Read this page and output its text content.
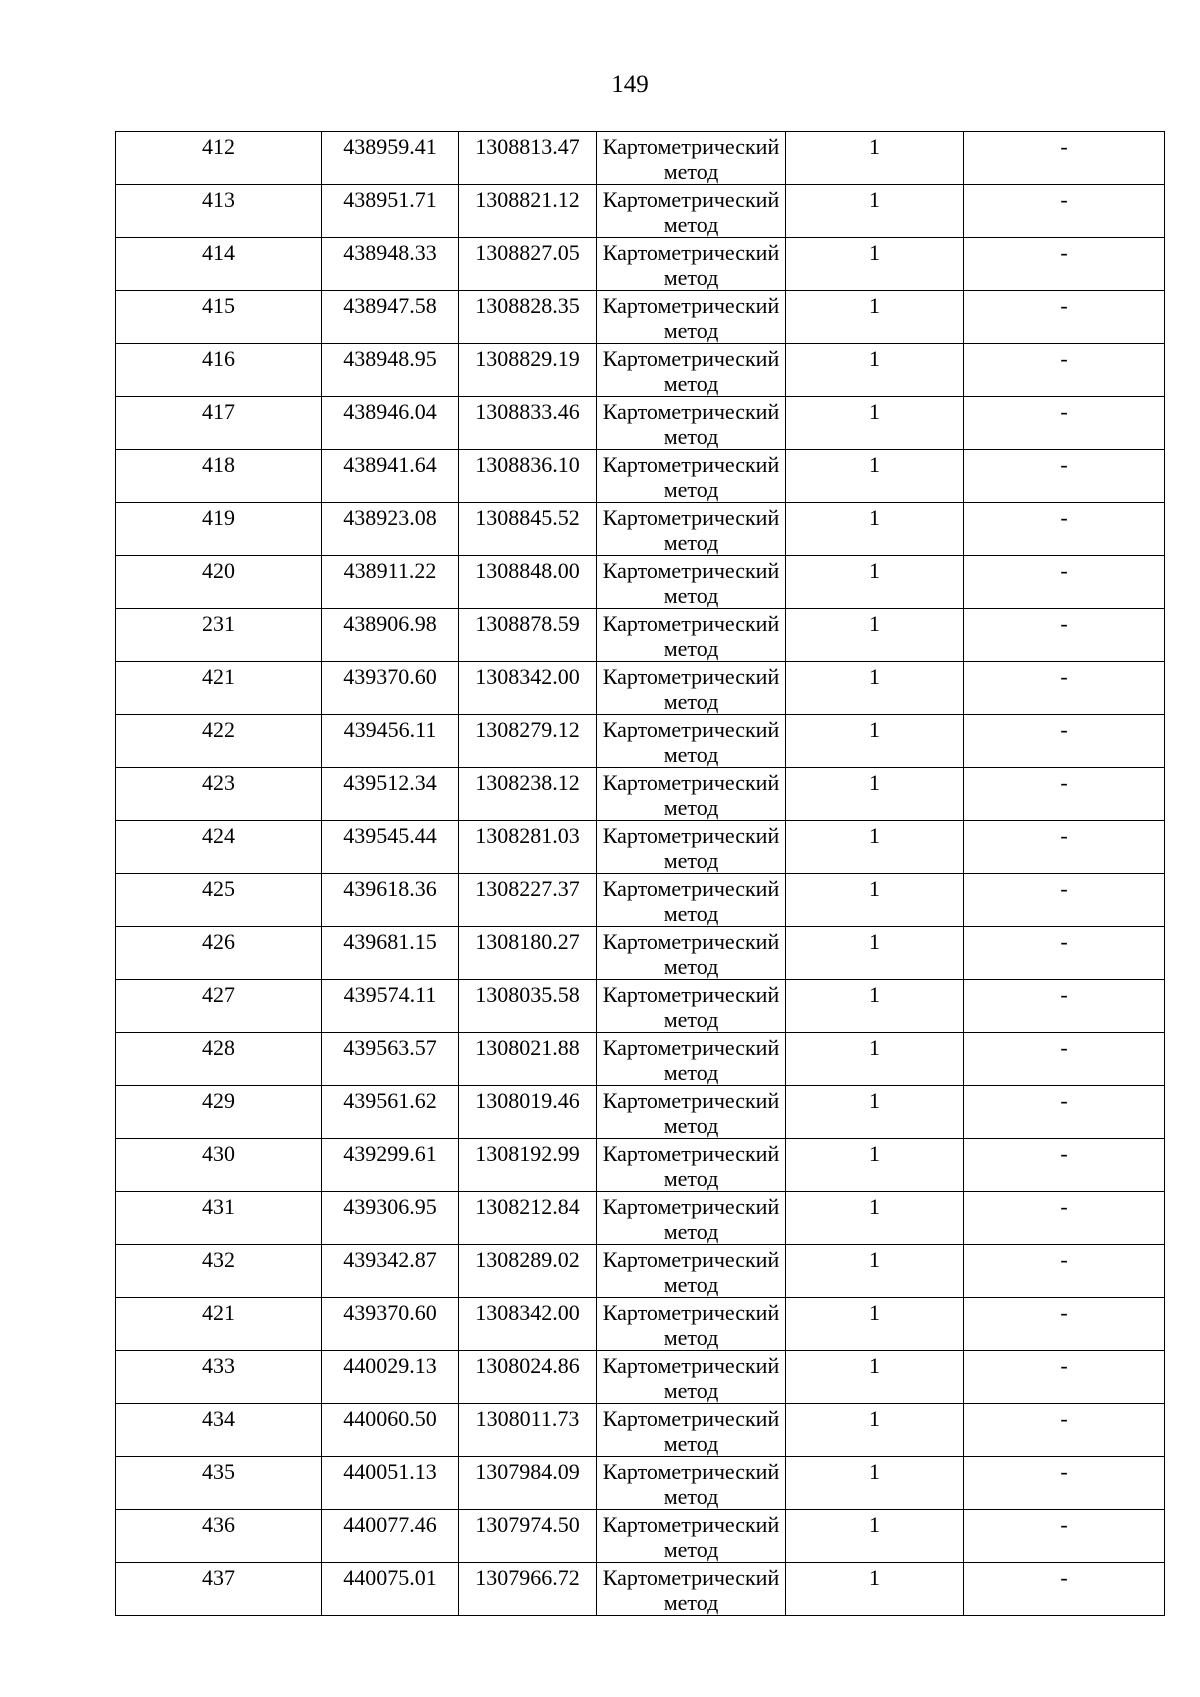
149
412	438959.41	1308813.47	Картометрический метод	1	-

413	438951.71	1308821.12	Картометрический метод	1	-

414	438948.33	1308827.05	Картометрический метод	1	-

415	438947.58	1308828.35	Картометрический метод	1	-

416	438948.95	1308829.19	Картометрический метод	1	-

417	438946.04	1308833.46	Картометрический метод	1	-

418	438941.64	1308836.10	Картометрический метод	1	-

419	438923.08	1308845.52	Картометрический метод	1	-

420	438911.22	1308848.00	Картометрический метод	1	-

231	438906.98	1308878.59	Картометрический метод	1	-

421	439370.60	1308342.00	Картометрический метод	1	-

422	439456.11	1308279.12	Картометрический метод	1	-

423	439512.34	1308238.12	Картометрический метод	1	-

424	439545.44	1308281.03	Картометрический метод	1	-

425	439618.36	1308227.37	Картометрический метод	1	-

426	439681.15	1308180.27	Картометрический метод	1	-

427	439574.11	1308035.58	Картометрический метод	1	-

428	439563.57	1308021.88	Картометрический метод	1	-

429	439561.62	1308019.46	Картометрический метод	1	-

430	439299.61	1308192.99	Картометрический метод	1	-

431	439306.95	1308212.84	Картометрический метод	1	-

432	439342.87	1308289.02	Картометрический метод	1	-

421	439370.60	1308342.00	Картометрический метод	1	-

433	440029.13	1308024.86	Картометрический метод	1	-

434	440060.50	1308011.73	Картометрический метод	1	-

435	440051.13	1307984.09	Картометрический метод	1	-

436	440077.46	1307974.50	Картометрический метод	1	-

437	440075.01	1307966.72	Картометрический метод	1	-
